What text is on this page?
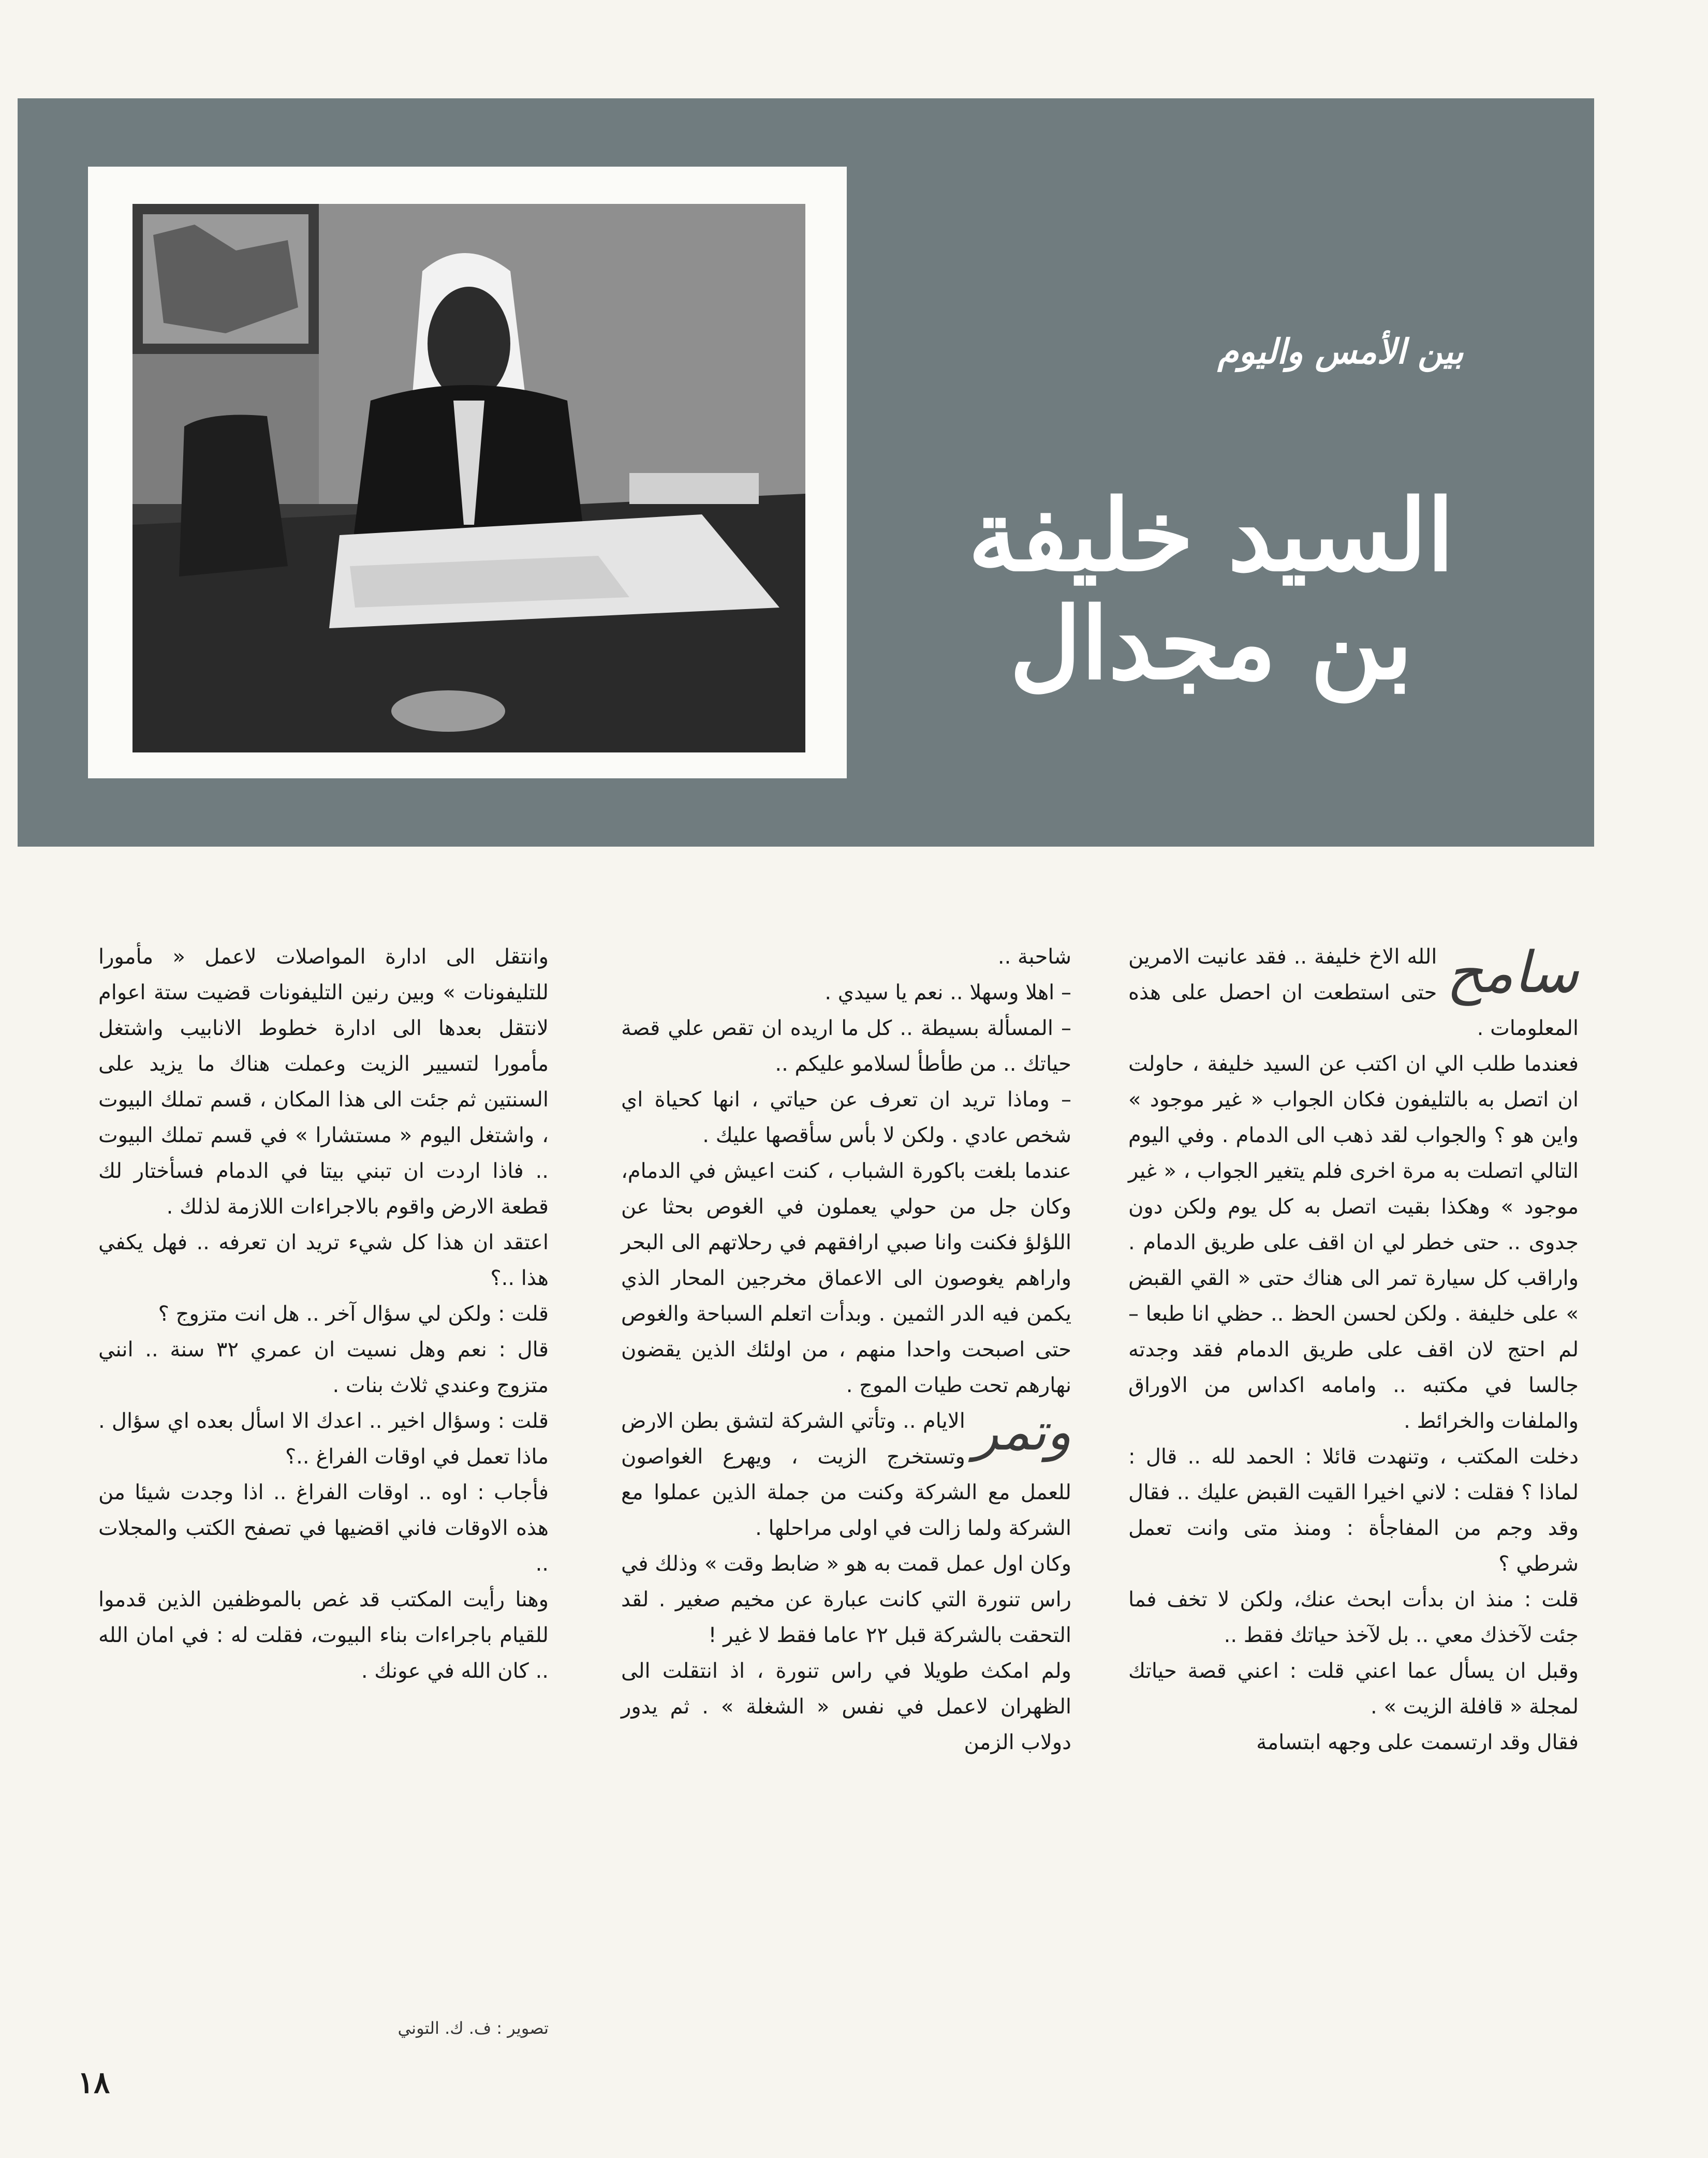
بين الأمس واليوم
السيد خليفة بن مجدال
سامح

الله الاخ خليفة .. فقد عانيت الامرين حتى استطعت ان احصل على هذه المعلومات .

فعندما طلب الي ان اكتب عن السيد خليفة ، حاولت ان اتصل به بالتليفون فكان الجواب « غير موجود » واين هو ؟ والجواب لقد ذهب الى الدمام . وفي اليوم التالي اتصلت به مرة اخرى فلم يتغير الجواب ، « غير موجود » وهكذا بقيت اتصل به كل يوم ولكن دون جدوى .. حتى خطر لي ان اقف على طريق الدمام . واراقب كل سيارة تمر الى هناك حتى « القي القبض » على خليفة . ولكن لحسن الحظ .. حظي انا طبعا – لم احتج لان اقف على طريق الدمام فقد وجدته جالسا في مكتبه .. وامامه اكداس من الاوراق والملفات والخرائط .

دخلت المكتب ، وتنهدت قائلا : الحمد لله .. قال : لماذا ؟ فقلت : لاني اخيرا القيت القبض عليك .. فقال وقد وجم من المفاجأة : ومنذ متى وانت تعمل شرطي ؟

قلت : منذ ان بدأت ابحث عنك، ولكن لا تخف فما جئت لآخذك معي .. بل لآخذ حياتك فقط ..

وقبل ان يسأل عما اعني قلت : اعني قصة حياتك لمجلة « قافلة الزيت » .

فقال وقد ارتسمت على وجهه ابتسامة

شاحبة ..

– اهلا وسهلا .. نعم يا سيدي .

– المسألة بسيطة .. كل ما اريده ان تقص علي قصة حياتك .. من طأطأ لسلامو عليكم ..

– وماذا تريد ان تعرف عن حياتي ، انها كحياة اي شخص عادي . ولكن لا بأس سأقصها عليك .

عندما بلغت باكورة الشباب ، كنت اعيش في الدمام، وكان جل من حولي يعملون في الغوص بحثا عن اللؤلؤ فكنت وانا صبي ارافقهم في رحلاتهم الى البحر واراهم يغوصون الى الاعماق مخرجين المحار الذي يكمن فيه الدر الثمين . وبدأت اتعلم السباحة والغوص حتى اصبحت واحدا منهم ، من اولئك الذين يقضون نهارهم تحت طيات الموج .

وتمر
الايام .. وتأتي الشركة لتشق بطن الارض وتستخرج الزيت ، ويهرع الغواصون للعمل مع الشركة وكنت من جملة الذين عملوا مع الشركة ولما زالت في اولى مراحلها .

وكان اول عمل قمت به هو « ضابط وقت » وذلك في راس تنورة التي كانت عبارة عن مخيم صغير . لقد التحقت بالشركة قبل ٢٢ عاما فقط لا غير !

ولم امكث طويلا في راس تنورة ، اذ انتقلت الى الظهران لاعمل في نفس « الشغلة » . ثم يدور دولاب الزمن

وانتقل الى ادارة المواصلات لاعمل « مأمورا للتليفونات » وبين رنين التليفونات قضيت ستة اعوام لانتقل بعدها الى ادارة خطوط الانابيب واشتغل مأمورا لتسيير الزيت وعملت هناك ما يزيد على السنتين ثم جئت الى هذا المكان ، قسم تملك البيوت ، واشتغل اليوم « مستشارا » في قسم تملك البيوت .. فاذا اردت ان تبني بيتا في الدمام فسأختار لك قطعة الارض واقوم بالاجراءات اللازمة لذلك .

اعتقد ان هذا كل شيء تريد ان تعرفه .. فهل يكفي هذا ..؟

قلت : ولكن لي سؤال آخر .. هل انت متزوج ؟

قال : نعم وهل نسيت ان عمري ٣٢ سنة .. انني متزوج وعندي ثلاث بنات .

قلت : وسؤال اخير .. اعدك الا اسأل بعده اي سؤال . ماذا تعمل في اوقات الفراغ ..؟

فأجاب : اوه .. اوقات الفراغ .. اذا وجدت شيئا من هذه الاوقات فاني اقضيها في تصفح الكتب والمجلات ..

وهنا رأيت المكتب قد غص بالموظفين الذين قدموا للقيام باجراءات بناء البيوت، فقلت له : في امان الله .. كان الله في عونك .

تصوير : ف. ك. التوني
١٨
